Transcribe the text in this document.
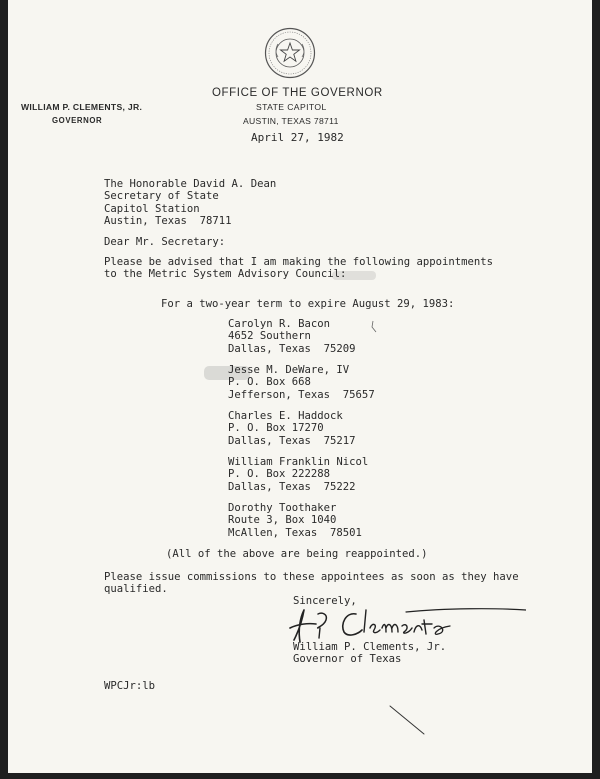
OFFICE OF THE GOVERNOR
STATE CAPITOL
AUSTIN, TEXAS 78711
WILLIAM P. CLEMENTS, JR.
GOVERNOR
April 27, 1982
The Honorable David A. Dean
Secretary of State
Capitol Station
Austin, Texas  78711
Dear Mr. Secretary:
Please be advised that I am making the following appointments
to the Metric System Advisory Council:
For a two-year term to expire August 29, 1983:
Carolyn R. Bacon
4652 Southern
Dallas, Texas  75209
Jesse M. DeWare, IV
P. O. Box 668
Jefferson, Texas  75657
Charles E. Haddock
P. O. Box 17270
Dallas, Texas  75217
William Franklin Nicol
P. O. Box 222288
Dallas, Texas  75222
Dorothy Toothaker
Route 3, Box 1040
McAllen, Texas  78501
(All of the above are being reappointed.)
Please issue commissions to these appointees as soon as they have
qualified.
Sincerely,
William P. Clements, Jr.
Governor of Texas
WPCJr:lb
